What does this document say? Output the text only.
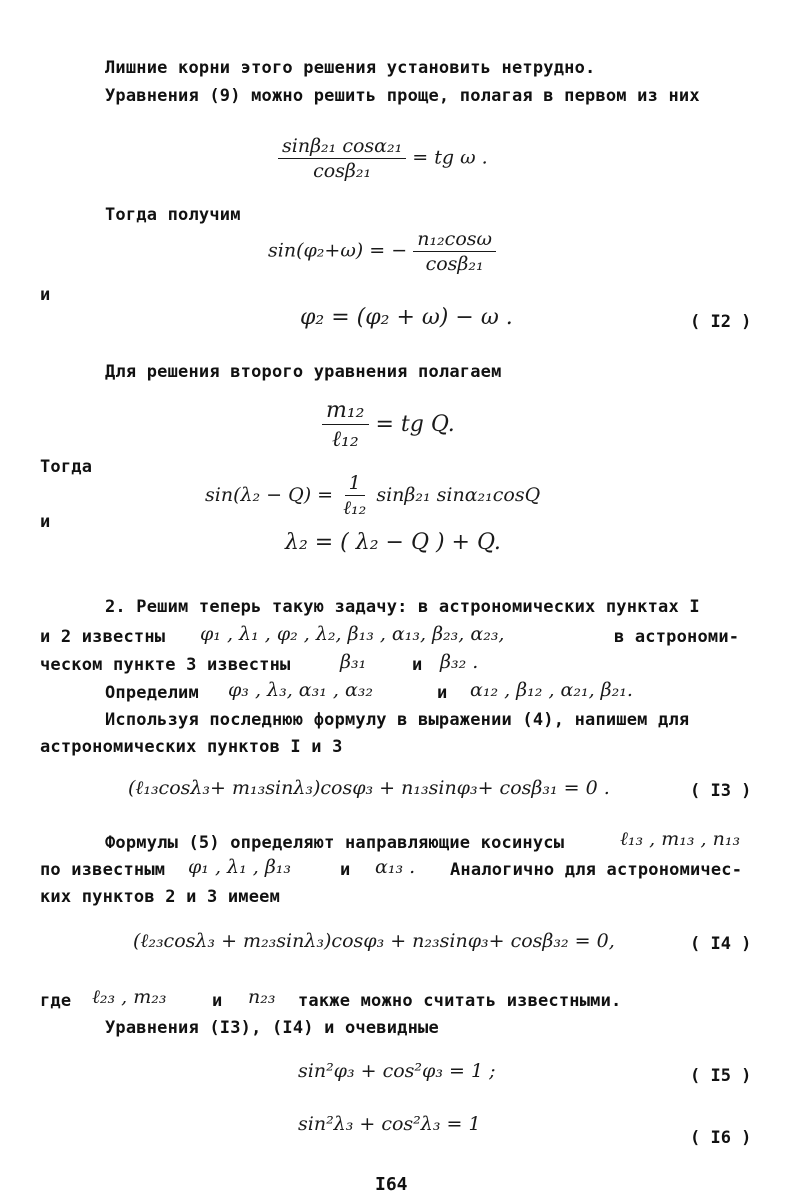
Лишние корни этого решения установить нетрудно.
Уравнения (9) можно решить проще, полагая в первом из них
$\frac{\text{sinβ₂₁ cosα₂₁}}{\text{cosβ₂₁}}$ = tg ω .
Тогда получим
sin(φ₂+ω) = − $\frac{\text{n₁₂cosω}}{\text{cosβ₂₁}}$
и
φ₂ = (φ₂ + ω) − ω .	( I2 )
Для решения второго уравнения полагаем
$\frac{\text{m₁₂}}{\text{ℓ₁₂}}$ = tg Q.
Тогда
$\sin(\lambda_2 - Q) = \frac{1}{\text{ℓ₁₂}} \sin\beta_{21}$ sinα₂₁cosQ
и
λ₂ = ( λ₂ − Q ) + Q.
2. Решим теперь такую задачу: в астрономических пунктах I
и 2 известны φ₁ , λ₁ , φ₂ , λ₂, β₁₃ , α₁₃, β₂₃, α₂₃,	в астрономи-
ческом пункте 3 известны	β₃₁	и β₃₂ .
Определим φ₃ , λ₃, α₃₁ , α₃₂	и α₁₂ , β₁₂ , α₂₁, β₂₁.
Используя последнюю формулу в выражении (4), напишем для
астрономических пунктов I и 3
(ℓ₁₃cosλ₃+ m₁₃sinλ₃)cosφ₃ + n₁₃sinφ₃+ cosβ₃₁ = 0 .	( I3 )
Формулы (5) определяют направляющие косинусы	ℓ₁₃ , m₁₃ , n₁₃
по известным φ₁ , λ₁ , β₁₃	и α₁₃ . Аналогично для астрономичес-
ких пунктов 2 и 3 имеем
(ℓ₂₃cosλ₃ + m₂₃sinλ₃)cosφ₃ + n₂₃sinφ₃+ cosβ₃₂ = 0,	( I4 )
где ℓ₂₃ , m₂₃	и n₂₃ также можно считать известными.
Уравнения (I3), (I4) и очевидные
sin²φ₃ + cos²φ₃ = 1 ;	( I5 )
sin²λ₃ + cos²λ₃ = 1
( I6 )
I64
